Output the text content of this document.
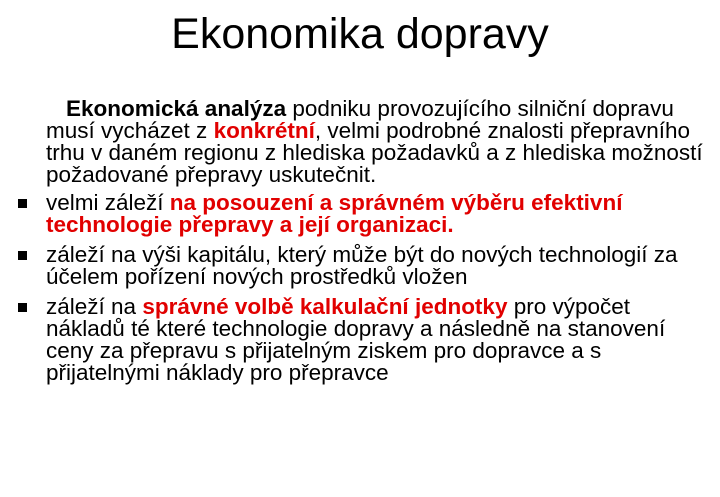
Ekonomika dopravy

Ekonomická analýza podniku provozujícího silniční dopravu musí vycházet z konkrétní, velmi podrobné znalosti přepravního trhu v daném regionu z hlediska požadavků a z hlediska možností požadované přepravy uskutečnit.

velmi záleží na posouzení a správném výběru efektivní technologie přepravy a její organizaci.
záleží na výši kapitálu, který může být do nových technologií za účelem pořízení nových prostředků vložen
záleží na správné volbě kalkulační jednotky pro výpočet nákladů té které technologie dopravy a následně na stanovení ceny za přepravu s přijatelným ziskem pro dopravce a s přijatelnými náklady pro přepravce
